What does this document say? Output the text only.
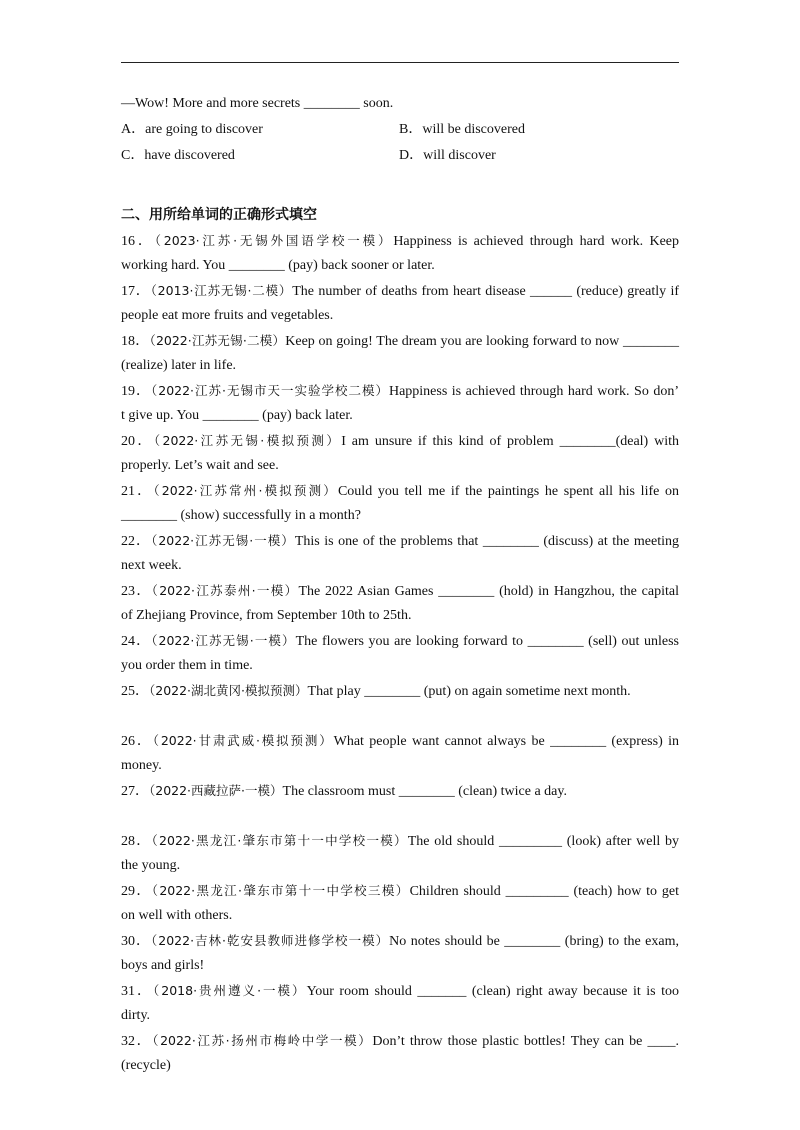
—Wow! More and more secrets ________ soon.
A．are going to discover	B．will be discovered
C．have discovered	D．will discover
二、用所给单词的正确形式填空
16．（2023·江苏·无锡外国语学校一模）Happiness is achieved through hard work. Keep
working hard. You ________ (pay) back sooner or later.
17．（2013·江苏无锡·二模）The number of deaths from heart disease ______ (reduce) greatly if
people eat more fruits and vegetables.
18．（2022·江苏无锡·二模）Keep on going! The dream you are looking forward to now ________
(realize) later in life.
19．（2022·江苏·无锡市天一实验学校二模）Happiness is achieved through hard work. So don’
t give up. You ________ (pay) back later.
20．（2022·江苏无锡·模拟预测）I am unsure if this kind of problem ________(deal) with
properly. Let’s wait and see.
21．（2022·江苏常州·模拟预测）Could you tell me if the paintings he spent all his life on
________ (show) successfully in a month?
22．（2022·江苏无锡·一模）This is one of the problems that ________ (discuss) at the meeting
next week.
23．（2022·江苏泰州·一模）The 2022 Asian Games ________ (hold) in Hangzhou, the capital
of Zhejiang Province, from September 10th to 25th.
24．（2022·江苏无锡·一模）The flowers you are looking forward to ________ (sell) out unless
you order them in time.
25．（2022·湖北黄冈·模拟预测）That play ________ (put) on again sometime next month.
26．（2022·甘肃武威·模拟预测）What people want cannot always be ________ (express) in
money.
27．（2022·西藏拉萨·一模）The classroom must ________ (clean) twice a day.
28．（2022·黑龙江·肇东市第十一中学校一模）The old should _________ (look) after well by
the young.
29．（2022·黑龙江·肇东市第十一中学校三模）Children should _________ (teach) how to get
on well with others.
30．（2022·吉林·乾安县教师进修学校一模）No notes should be ________ (bring) to the exam,
boys and girls!
31．（2018·贵州遵义·一模）Your room should _______ (clean) right away because it is too
dirty.
32．（2022·江苏·扬州市梅岭中学一模）Don’t throw those plastic bottles! They can be ____.
(recycle)
